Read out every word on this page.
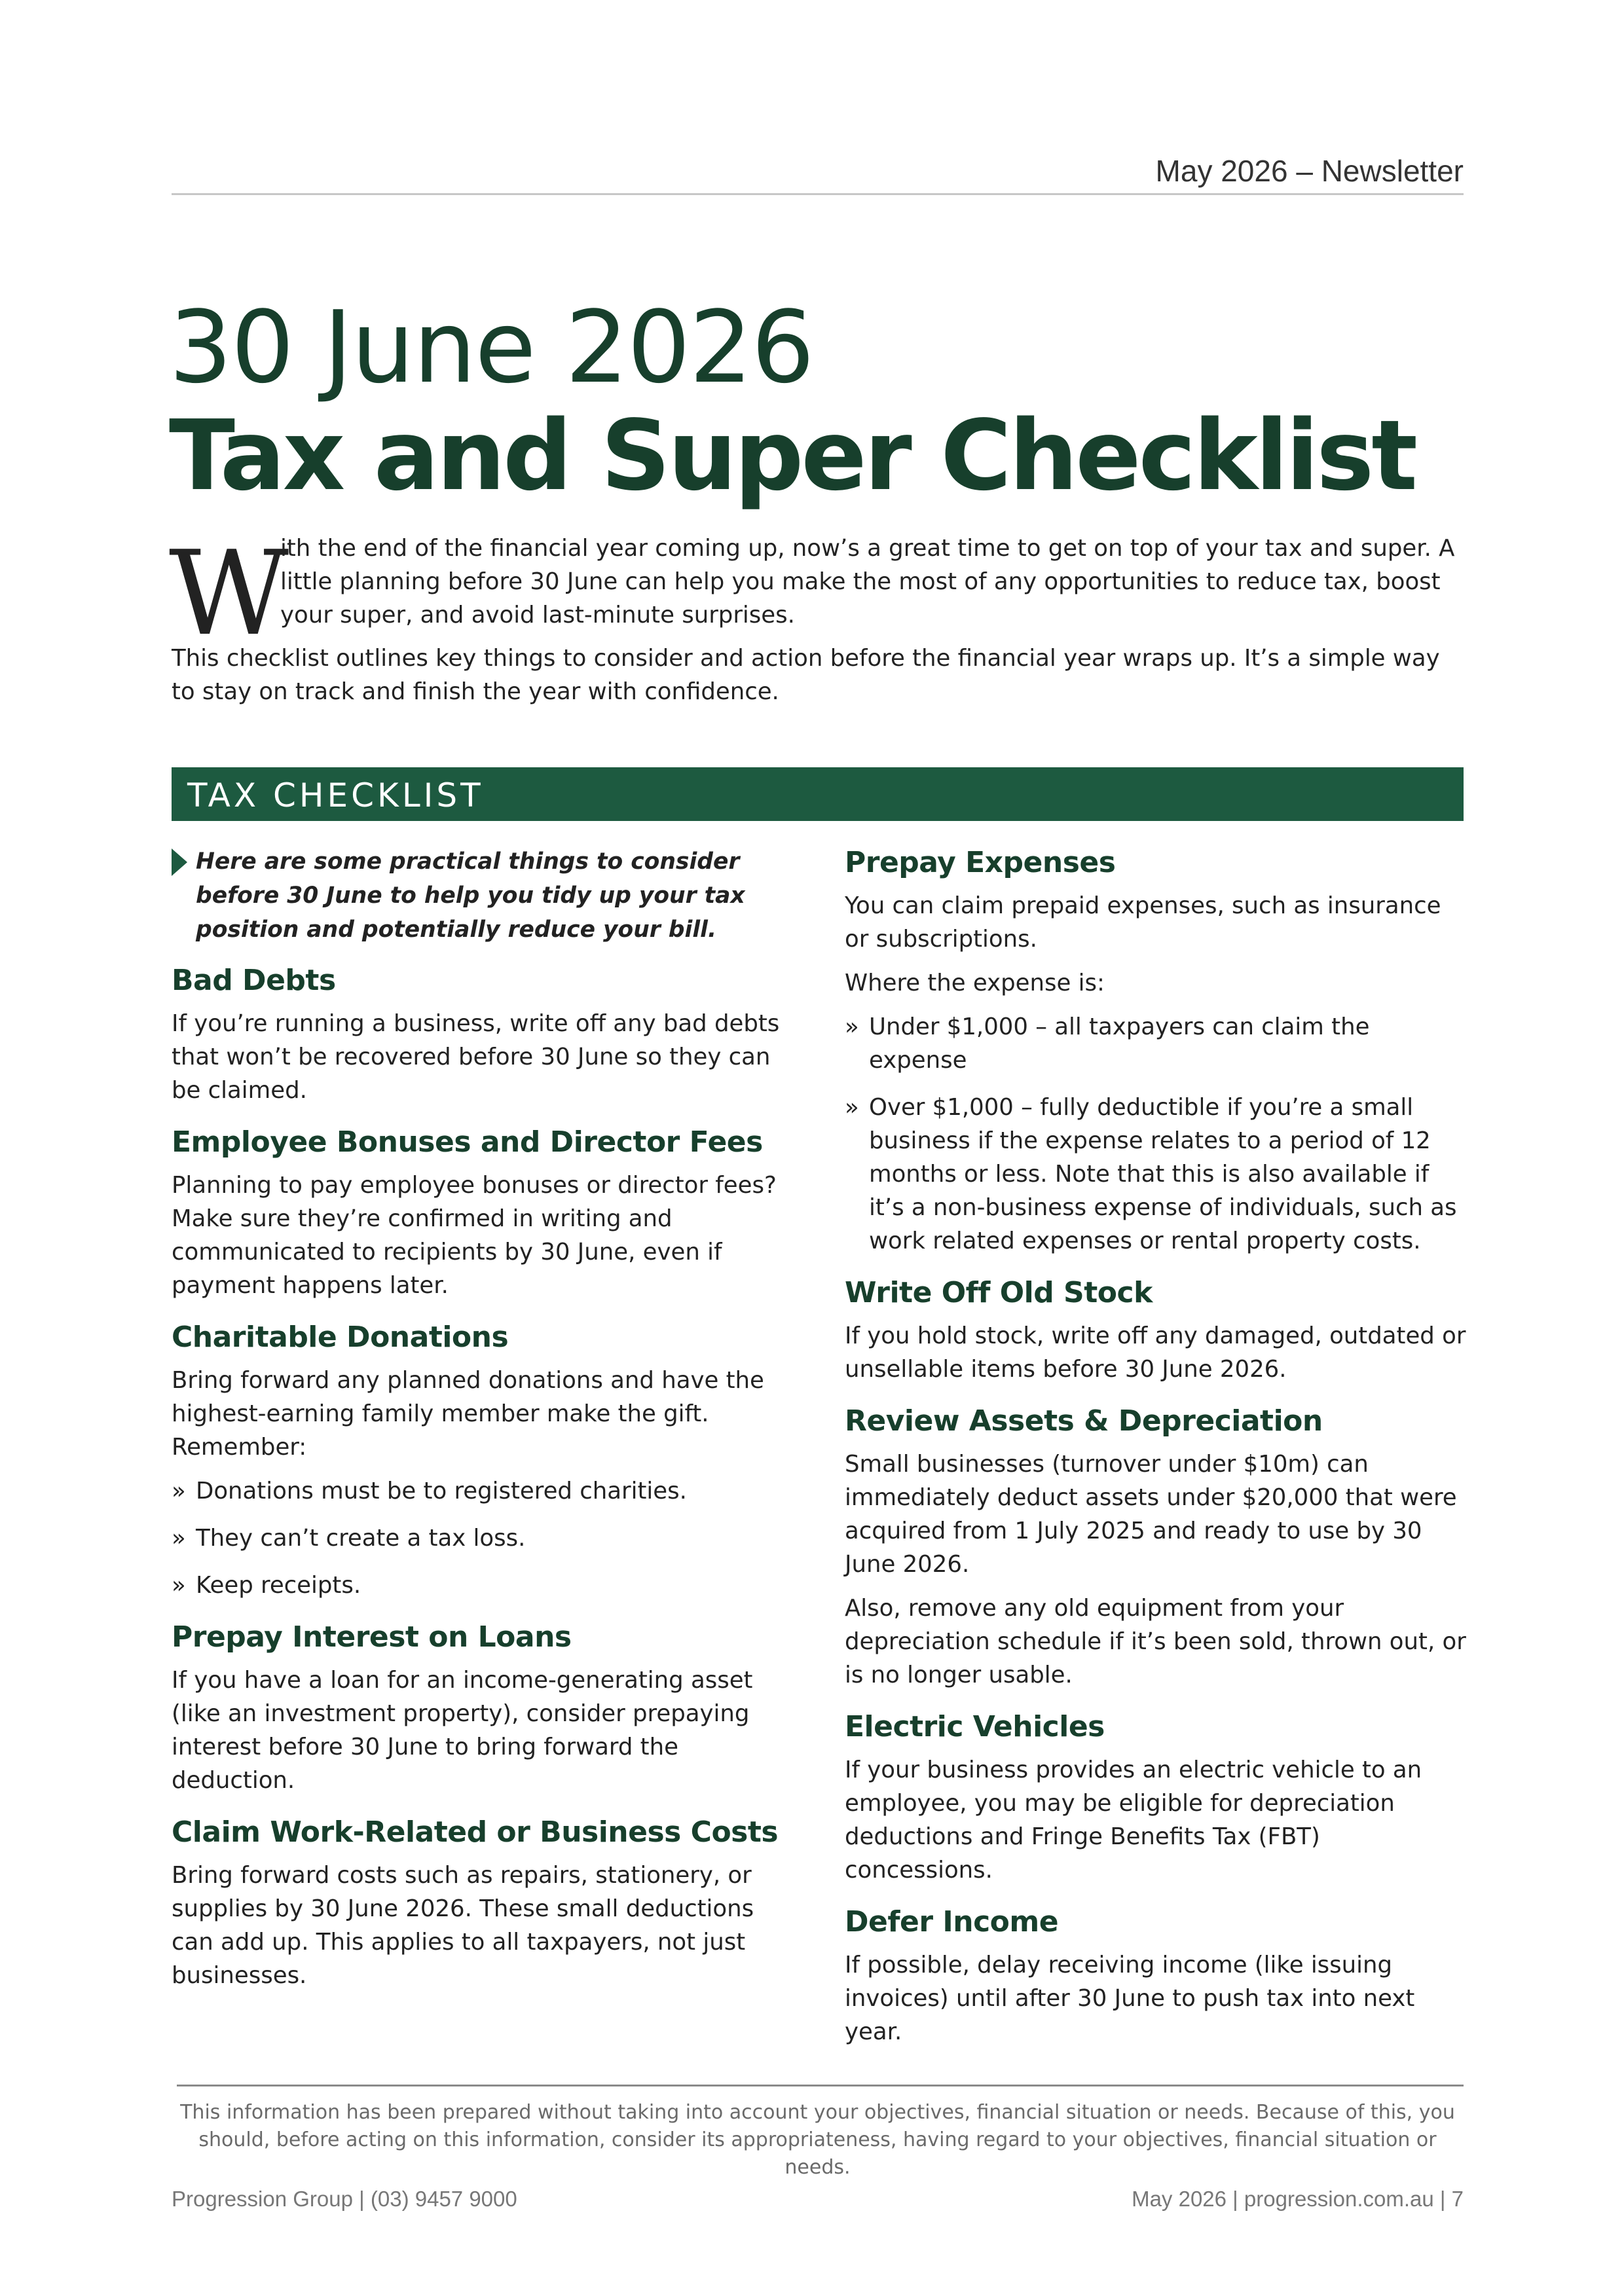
May 2026 – Newsletter
30 June 2026
Tax and Super Checklist
W
ith the end of the financial year coming up, now’s a great time to get on top of your tax and super. A little planning before 30 June can help you make the most of any opportunities to reduce tax, boost your super, and avoid last-minute surprises.
This checklist outlines key things to consider and action before the financial year wraps up. It’s a simple way to stay on track and finish the year with confidence.
TAX CHECKLIST
Here are some practical things to consider before 30 June to help you tidy up your tax position and potentially reduce your bill.
Bad Debts

If you’re running a business, write off any bad debts that won’t be recovered before 30 June so they can be claimed.

Employee Bonuses and Director Fees

Planning to pay employee bonuses or director fees? Make sure they’re confirmed in writing and communicated to recipients by 30 June, even if payment happens later.

Charitable Donations

Bring forward any planned donations and have the highest-earning family member make the gift. Remember:

» Donations must be to registered charities.
» They can’t create a tax loss.
» Keep receipts.
Prepay Interest on Loans

If you have a loan for an income-generating asset (like an investment property), consider prepaying interest before 30 June to bring forward the deduction.

Claim Work-Related or Business Costs

Bring forward costs such as repairs, stationery, or supplies by 30 June 2026. These small deductions can add up. This applies to all taxpayers, not just businesses.

Prepay Expenses

You can claim prepaid expenses, such as insurance or subscriptions.

Where the expense is:

» Under $1,000 – all taxpayers can claim the expense
» Over $1,000 – fully deductible if you’re a small business if the expense relates to a period of 12 months or less. Note that this is also available if it’s a non-business expense of individuals, such as work related expenses or rental property costs.
Write Off Old Stock

If you hold stock, write off any damaged, outdated or unsellable items before 30 June 2026.

Review Assets & Depreciation

Small businesses (turnover under $10m) can immediately deduct assets under $20,000 that were acquired from 1 July 2025 and ready to use by 30 June 2026.

Also, remove any old equipment from your depreciation schedule if it’s been sold, thrown out, or is no longer usable.

Electric Vehicles

If your business provides an electric vehicle to an employee, you may be eligible for depreciation deductions and Fringe Benefits Tax (FBT) concessions.

Defer Income

If possible, delay receiving income (like issuing invoices) until after 30 June to push tax into next year.

This information has been prepared without taking into account your objectives, financial situation or needs. Because of this, you should, before acting on this information, consider its appropriateness, having regard to your objectives, financial situation or needs.
Progression Group | (03) 9457 9000	May 2026 | progression.com.au | 7
